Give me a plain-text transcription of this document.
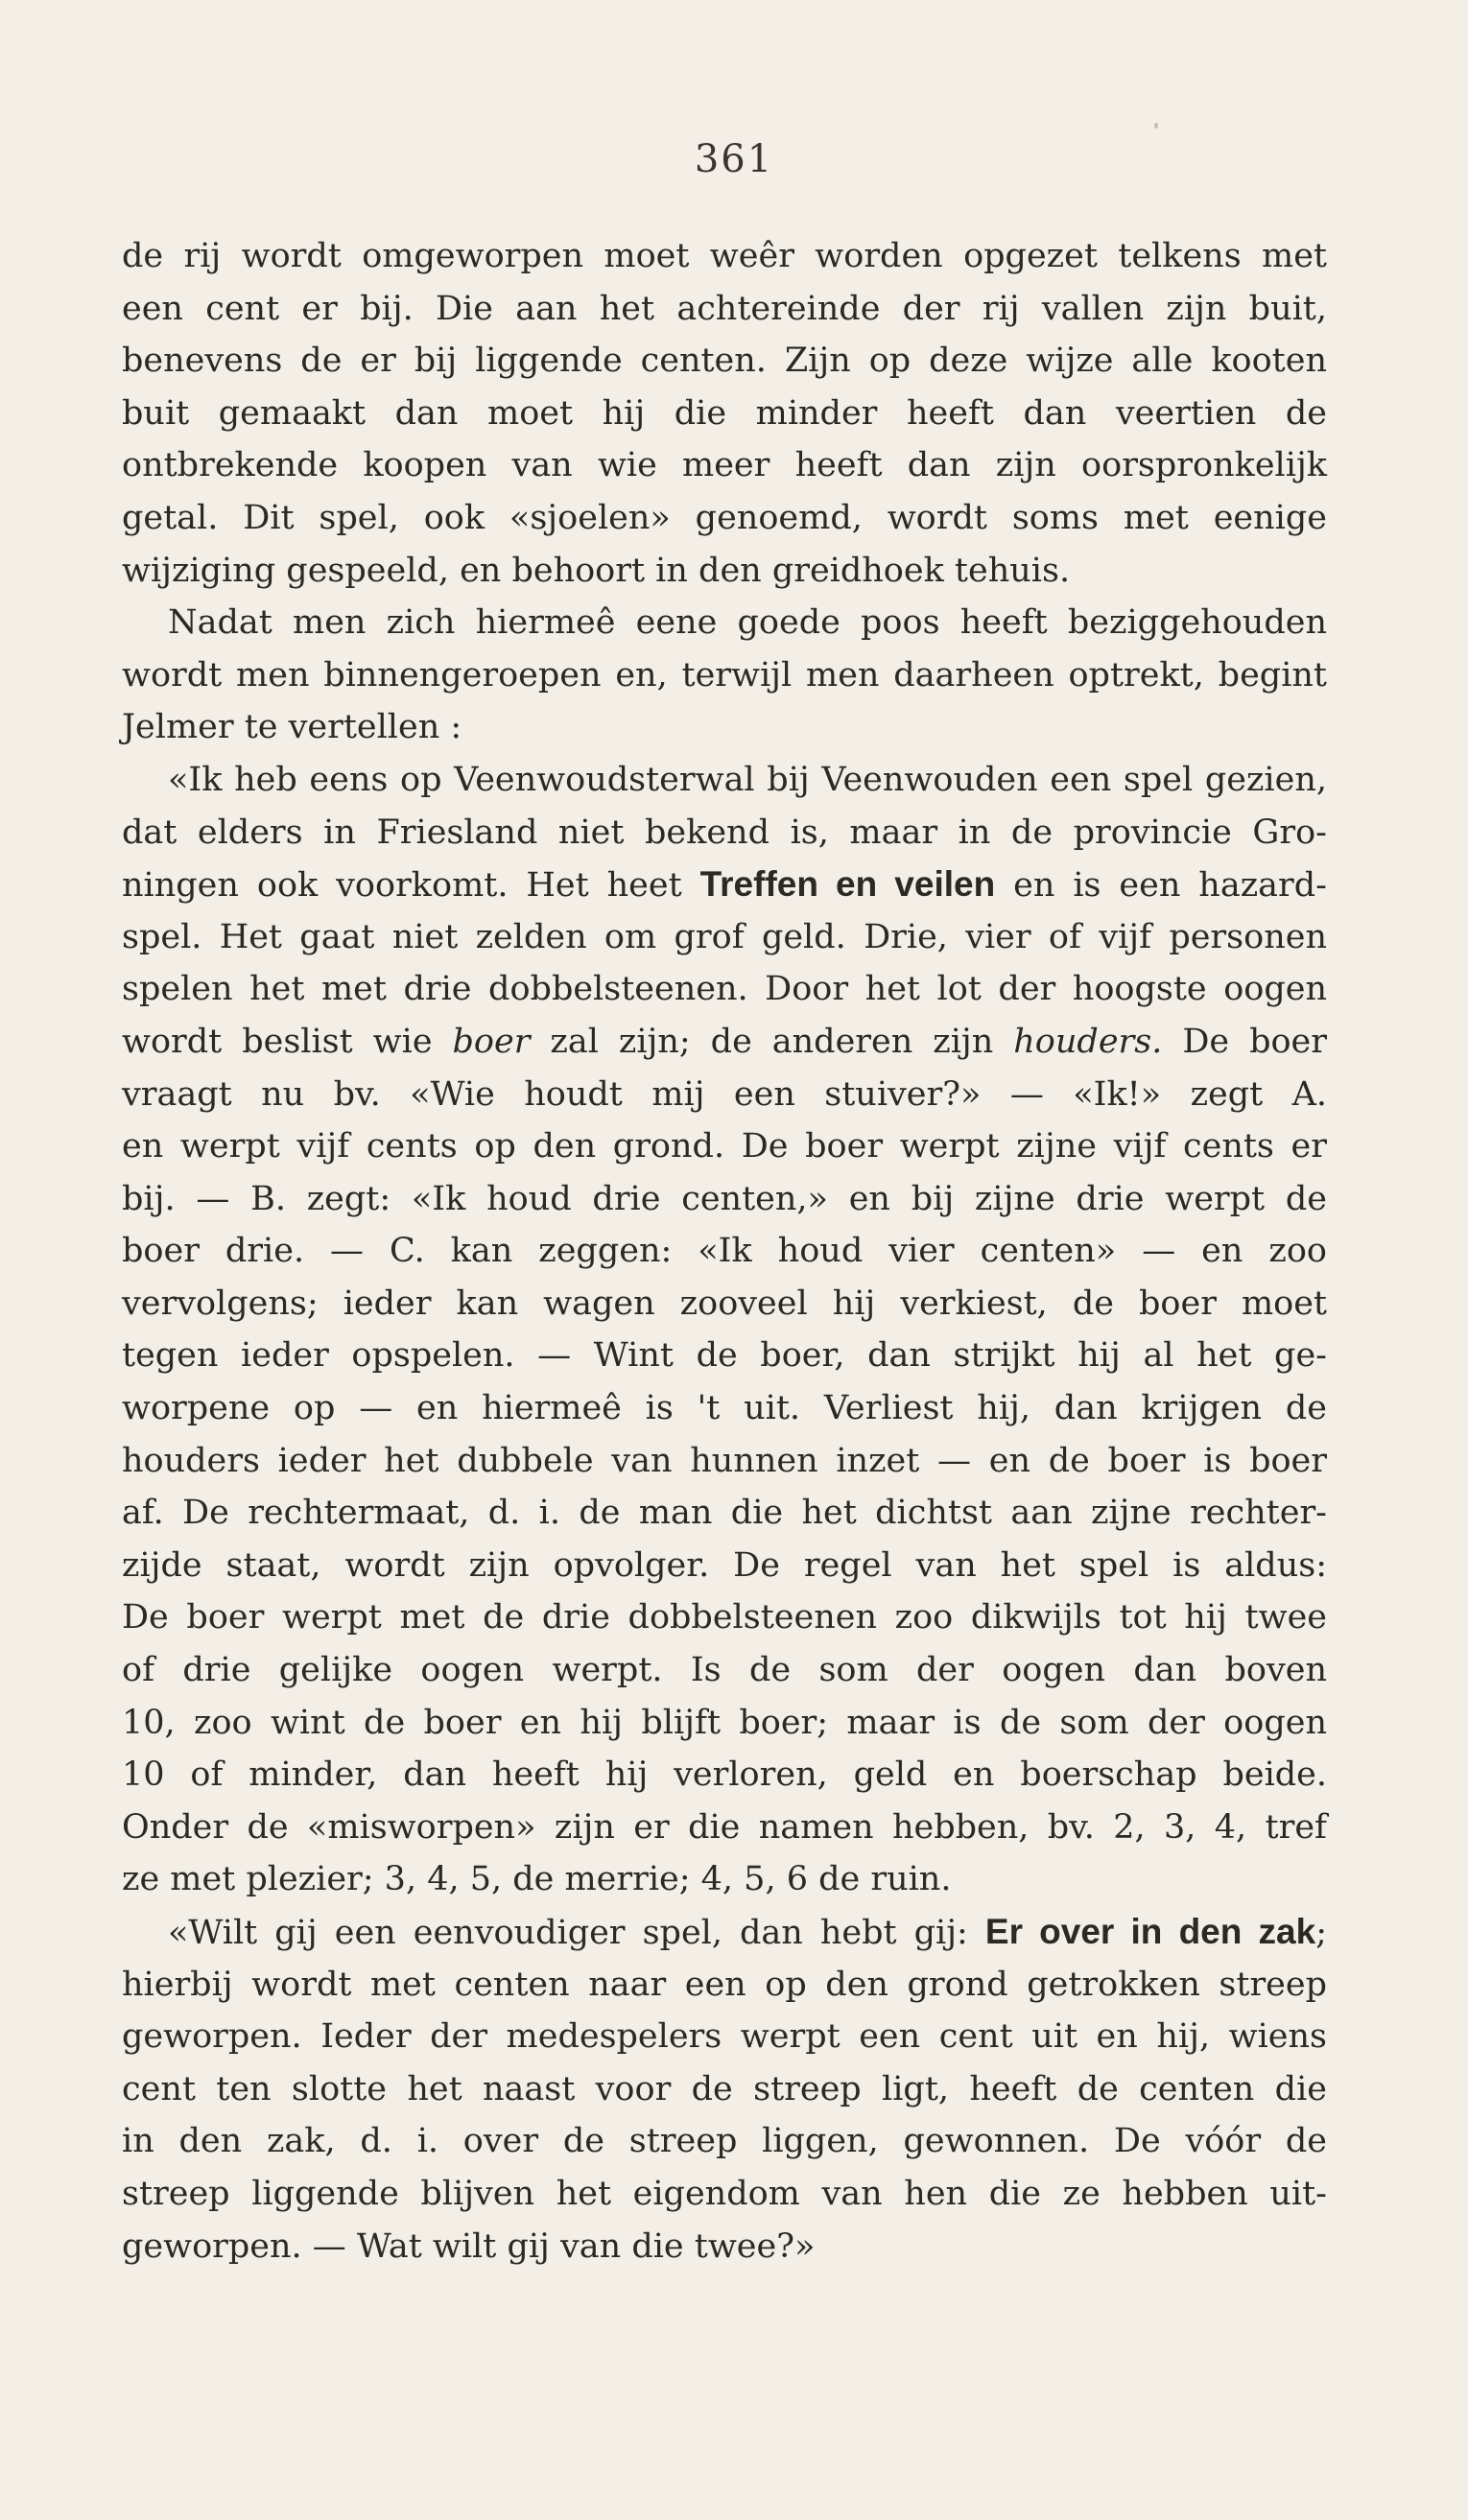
361
de rij wordt omgeworpen moet weêr worden opgezet telkens met
een cent er bij. Die aan het achtereinde der rij vallen zijn buit,
benevens de er bij liggende centen. Zijn op deze wijze alle kooten
buit gemaakt dan moet hij die minder heeft dan veertien de
ontbrekende koopen van wie meer heeft dan zijn oorspronkelijk
getal. Dit spel, ook «sjoelen» genoemd, wordt soms met eenige
wijziging gespeeld, en behoort in den greidhoek tehuis.
Nadat men zich hiermeê eene goede poos heeft beziggehouden
wordt men binnengeroepen en, terwijl men daarheen optrekt, begint
Jelmer te vertellen :
«Ik heb eens op Veenwoudsterwal bij Veenwouden een spel gezien,
dat elders in Friesland niet bekend is, maar in de provincie Gro-
ningen ook voorkomt. Het heet Treffen en veilen en is een hazard-
spel. Het gaat niet zelden om grof geld. Drie, vier of vijf personen
spelen het met drie dobbelsteenen. Door het lot der hoogste oogen
wordt beslist wie boer zal zijn; de anderen zijn houders. De boer
vraagt nu bv. «Wie houdt mij een stuiver?» — «Ik!» zegt A.
en werpt vijf cents op den grond. De boer werpt zijne vijf cents er
bij. — B. zegt: «Ik houd drie centen,» en bij zijne drie werpt de
boer drie. — C. kan zeggen: «Ik houd vier centen» — en zoo
vervolgens; ieder kan wagen zooveel hij verkiest, de boer moet
tegen ieder opspelen. — Wint de boer, dan strijkt hij al het ge-
worpene op — en hiermeê is 't uit. Verliest hij, dan krijgen de
houders ieder het dubbele van hunnen inzet — en de boer is boer
af. De rechtermaat, d. i. de man die het dichtst aan zijne rechter-
zijde staat, wordt zijn opvolger. De regel van het spel is aldus:
De boer werpt met de drie dobbelsteenen zoo dikwijls tot hij twee
of drie gelijke oogen werpt. Is de som der oogen dan boven
10, zoo wint de boer en hij blijft boer; maar is de som der oogen
10 of minder, dan heeft hij verloren, geld en boerschap beide.
Onder de «misworpen» zijn er die namen hebben, bv. 2, 3, 4, tref
ze met plezier; 3, 4, 5, de merrie; 4, 5, 6 de ruin.
«Wilt gij een eenvoudiger spel, dan hebt gij: Er over in den zak;
hierbij wordt met centen naar een op den grond getrokken streep
geworpen. Ieder der medespelers werpt een cent uit en hij, wiens
cent ten slotte het naast voor de streep ligt, heeft de centen die
in den zak, d. i. over de streep liggen, gewonnen. De vóór de
streep liggende blijven het eigendom van hen die ze hebben uit-
geworpen. — Wat wilt gij van die twee?»
